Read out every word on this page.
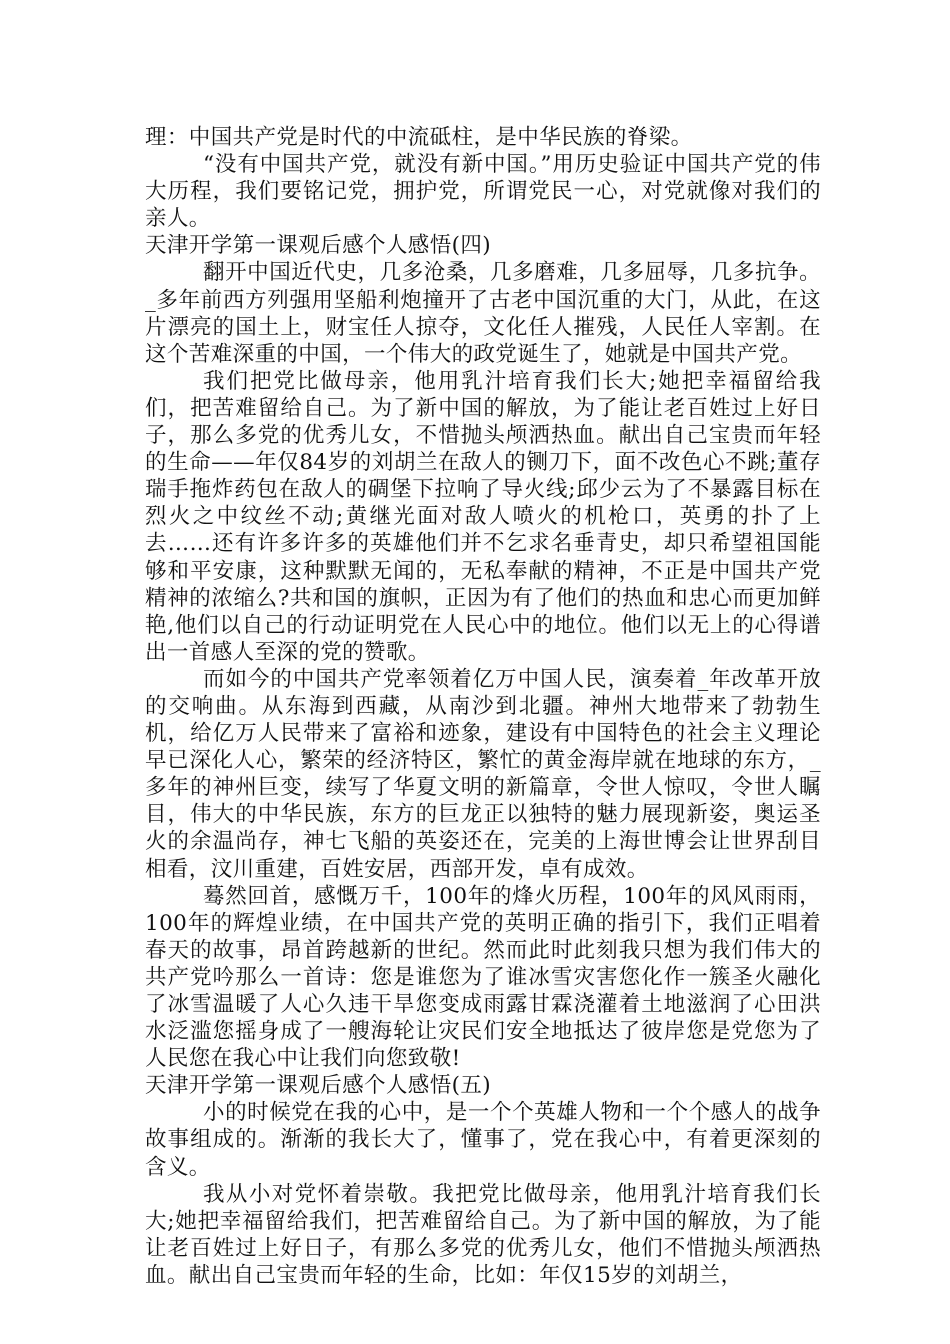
理：中国共产党是时代的中流砥柱，是中华民族的脊梁。

“没有中国共产党，就没有新中国。”用历史验证中国共产党的伟大历程，我们要铭记党，拥护党，所谓党民一心，对党就像对我们的亲人。

天津开学第一课观后感个人感悟(四)

翻开中国近代史，几多沧桑，几多磨难，几多屈辱，几多抗争。_多年前西方列强用坚船利炮撞开了古老中国沉重的大门，从此，在这片漂亮的国土上，财宝任人掠夺，文化任人摧残，人民任人宰割。在这个苦难深重的中国，一个伟大的政党诞生了，她就是中国共产党。

我们把党比做母亲，他用乳汁培育我们长大;她把幸福留给我们，把苦难留给自己。为了新中国的解放，为了能让老百姓过上好日子，那么多党的优秀儿女，不惜抛头颅洒热血。献出自己宝贵而年轻的生命——年仅84岁的刘胡兰在敌人的铡刀下，面不改色心不跳;董存瑞手拖炸药包在敌人的碉堡下拉响了导火线;邱少云为了不暴露目标在烈火之中纹丝不动;黄继光面对敌人喷火的机枪口，英勇的扑了上去……还有许多许多的英雄他们并不乞求名垂青史，却只希望祖国能够和平安康，这种默默无闻的，无私奉献的精神，不正是中国共产党精神的浓缩么?共和国的旗帜，正因为有了他们的热血和忠心而更加鲜艳,他们以自己的行动证明党在人民心中的地位。他们以无上的心得谱出一首感人至深的党的赞歌。

而如今的中国共产党率领着亿万中国人民，演奏着_年改革开放的交响曲。从东海到西藏，从南沙到北疆。神州大地带来了勃勃生机，给亿万人民带来了富裕和迹象，建设有中国特色的社会主义理论早已深化人心，繁荣的经济特区，繁忙的黄金海岸就在地球的东方，_多年的神州巨变，续写了华夏文明的新篇章，令世人惊叹，令世人瞩目，伟大的中华民族，东方的巨龙正以独特的魅力展现新姿，奥运圣火的余温尚存，神七飞船的英姿还在，完美的上海世博会让世界刮目相看，汶川重建，百姓安居，西部开发，卓有成效。

蓦然回首，感慨万千，100年的烽火历程，100年的风风雨雨，100年的辉煌业绩，在中国共产党的英明正确的指引下，我们正唱着春天的故事，昂首跨越新的世纪。然而此时此刻我只想为我们伟大的共产党吟那么一首诗：您是谁您为了谁冰雪灾害您化作一簇圣火融化了冰雪温暖了人心久违干旱您变成雨露甘霖浇灌着土地滋润了心田洪水泛滥您摇身成了一艘海轮让灾民们安全地抵达了彼岸您是党您为了人民您在我心中让我们向您致敬!

天津开学第一课观后感个人感悟(五)

小的时候党在我的心中，是一个个英雄人物和一个个感人的战争故事组成的。渐渐的我长大了，懂事了，党在我心中，有着更深刻的含义。

我从小对党怀着崇敬。我把党比做母亲，他用乳汁培育我们长大;她把幸福留给我们，把苦难留给自己。为了新中国的解放，为了能让老百姓过上好日子，有那么多党的优秀儿女，他们不惜抛头颅洒热血。献出自己宝贵而年轻的生命，比如：年仅15岁的刘胡兰，
